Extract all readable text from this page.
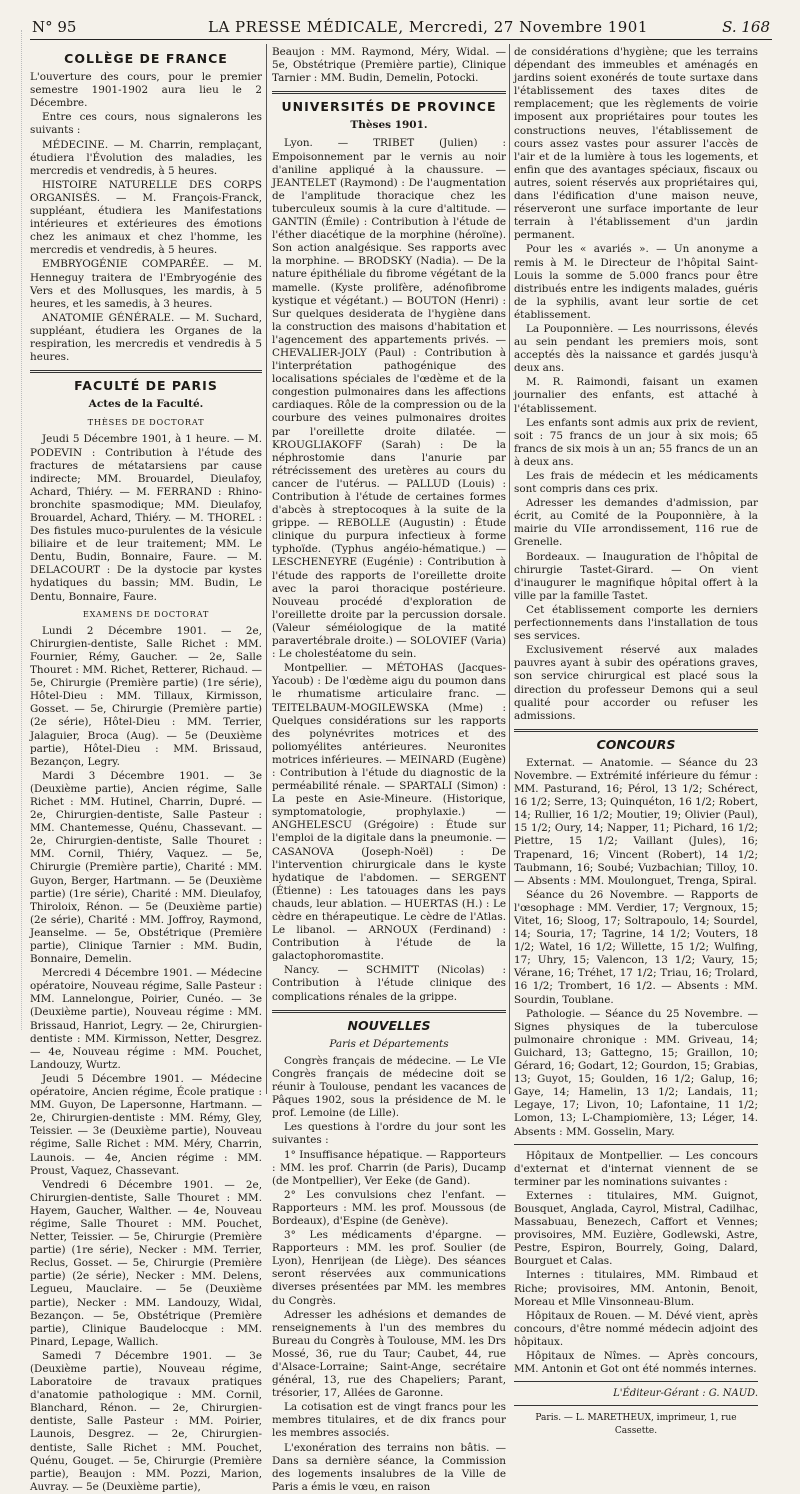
N° 95	LA PRESSE MÉDICALE, Mercredi, 27 Novembre 1901	S. 168
COLLÈGE DE FRANCE

L'ouverture des cours, pour le premier semestre 1901-1902 aura lieu le 2 Décembre.

Entre ces cours, nous signalerons les suivants :

MÉDECINE. — M. Charrin, remplaçant, étudiera l'Évolution des maladies, les mercredis et vendredis, à 5 heures.

HISTOIRE NATURELLE DES CORPS ORGANISÉS. — M. François-Franck, suppléant, étudiera les Manifestations intérieures et extérieures des émotions chez les animaux et chez l'homme, les mercredis et vendredis, à 5 heures.

EMBRYOGÉNIE COMPARÉE. — M. Henneguy traitera de l'Embryogénie des Vers et des Mollusques, les mardis, à 5 heures, et les samedis, à 3 heures.

ANATOMIE GÉNÉRALE. — M. Suchard, suppléant, étudiera les Organes de la respiration, les mercredis et vendredis à 5 heures.

FACULTÉ DE PARIS
Actes de la Faculté.
THÈSES DE DOCTORAT

Jeudi 5 Décembre 1901, à 1 heure. — M. PODEVIN : Contribution à l'étude des fractures de métatarsiens par cause indirecte; MM. Brouardel, Dieulafoy, Achard, Thiéry. — M. FERRAND : Rhino-bronchite spasmodique; MM. Dieulafoy, Brouardel, Achard, Thiéry. — M. THOREL : Des fistules muco-purulentes de la vésicule biliaire et de leur traitement; MM. Le Dentu, Budin, Bonnaire, Faure. — M. DELACOURT : De la dystocie par kystes hydatiques du bassin; MM. Budin, Le Dentu, Bonnaire, Faure.

EXAMENS DE DOCTORAT

Lundi 2 Décembre 1901. — 2e, Chirurgien-dentiste, Salle Richet : MM. Fournier, Rémy, Gaucher. — 2e, Salle Thouret : MM. Richet, Retterer, Richaud. — 5e, Chirurgie (Première partie) (1re série), Hôtel-Dieu : MM. Tillaux, Kirmisson, Gosset. — 5e, Chirurgie (Première partie) (2e série), Hôtel-Dieu : MM. Terrier, Jalaguier, Broca (Aug). — 5e (Deuxième partie), Hôtel-Dieu : MM. Brissaud, Bezançon, Legry.

Mardi 3 Décembre 1901. — 3e (Deuxième partie), Ancien régime, Salle Richet : MM. Hutinel, Charrin, Dupré. — 2e, Chirurgien-dentiste, Salle Pasteur : MM. Chantemesse, Quénu, Chassevant. — 2e, Chirurgien-dentiste, Salle Thouret : MM. Cornil, Thiéry, Vaquez. — 5e, Chirurgie (Première partie), Charité : MM. Guyon, Berger, Hartmann. — 5e (Deuxième partie) (1re série), Charité : MM. Dieulafoy, Thiroloix, Rénon. — 5e (Deuxième partie) (2e série), Charité : MM. Joffroy, Raymond, Jeanselme. — 5e, Obstétrique (Première partie), Clinique Tarnier : MM. Budin, Bonnaire, Demelin.

Mercredi 4 Décembre 1901. — Médecine opératoire, Nouveau régime, Salle Pasteur : MM. Lannelongue, Poirier, Cunéo. — 3e (Deuxième partie), Nouveau régime : MM. Brissaud, Hanriot, Legry. — 2e, Chirurgien-dentiste : MM. Kirmisson, Netter, Desgrez. — 4e, Nouveau régime : MM. Pouchet, Landouzy, Wurtz.

Jeudi 5 Décembre 1901. — Médecine opératoire, Ancien régime, École pratique : MM. Guyon, De Lapersonne, Hartmann. — 2e, Chirurgien-dentiste : MM. Rémy, Gley, Teissier. — 3e (Deuxième partie), Nouveau régime, Salle Richet : MM. Méry, Charrin, Launois. — 4e, Ancien régime : MM. Proust, Vaquez, Chassevant.

Vendredi 6 Décembre 1901. — 2e, Chirurgien-dentiste, Salle Thouret : MM. Hayem, Gaucher, Walther. — 4e, Nouveau régime, Salle Thouret : MM. Pouchet, Netter, Teissier. — 5e, Chirurgie (Première partie) (1re série), Necker : MM. Terrier, Reclus, Gosset. — 5e, Chirurgie (Première partie) (2e série), Necker : MM. Delens, Legueu, Mauclaire. — 5e (Deuxième partie), Necker : MM. Landouzy, Widal, Bezançon. — 5e, Obstétrique (Première partie), Clinique Baudelocque : MM. Pinard, Lepage, Wallich.

Samedi 7 Décembre 1901. — 3e (Deuxième partie), Nouveau régime, Laboratoire de travaux pratiques d'anatomie pathologique : MM. Cornil, Blanchard, Rénon. — 2e, Chirurgien-dentiste, Salle Pasteur : MM. Poirier, Launois, Desgrez. — 2e, Chirurgien-dentiste, Salle Richet : MM. Pouchet, Quénu, Gouget. — 5e, Chirurgie (Première partie), Beaujon : MM. Pozzi, Marion, Auvray. — 5e (Deuxième partie),

Beaujon : MM. Raymond, Méry, Widal. — 5e, Obstétrique (Première partie), Clinique Tarnier : MM. Budin, Demelin, Potocki.

UNIVERSITÉS DE PROVINCE
Thèses 1901.

Lyon. — TRIBET (Julien) : Empoisonnement par le vernis au noir d'aniline appliqué à la chaussure. — JEANTELET (Raymond) : De l'augmentation de l'amplitude thoracique chez les tuberculeux soumis à la cure d'altitude. — GANTIN (Émile) : Contribution à l'étude de l'éther diacétique de la morphine (héroïne). Son action analgésique. Ses rapports avec la morphine. — BRODSKY (Nadia). — De la nature épithéliale du fibrome végétant de la mamelle. (Kyste prolifère, adénofibrome kystique et végétant.) — BOUTON (Henri) : Sur quelques desiderata de l'hygiène dans la construction des maisons d'habitation et l'agencement des appartements privés. — CHEVALIER-JOLY (Paul) : Contribution à l'interprétation pathogénique des localisations spéciales de l'œdème et de la congestion pulmonaires dans les affections cardiaques. Rôle de la compression ou de la courbure des veines pulmonaires droites par l'oreillette droite dilatée. — KROUGLIAKOFF (Sarah) : De la néphrostomie dans l'anurie par rétrécissement des uretères au cours du cancer de l'utérus. — PALLUD (Louis) : Contribution à l'étude de certaines formes d'abcès à streptocoques à la suite de la grippe. — REBOLLE (Augustin) : Étude clinique du purpura infectieux à forme typhoïde. (Typhus angéio-hématique.) — LESCHENEYRE (Eugénie) : Contribution à l'étude des rapports de l'oreillette droite avec la paroi thoracique postérieure. Nouveau procédé d'exploration de l'oreillette droite par la percussion dorsale. (Valeur séméiologique de la matité paravertébrale droite.) — SOLOVIEF (Varia) : Le cholestéatome du sein.

Montpellier. — MÉTOHAS (Jacques-Yacoub) : De l'œdème aigu du poumon dans le rhumatisme articulaire franc. — TEITELBAUM-MOGILEWSKA (Mme) : Quelques considérations sur les rapports des polynévrites motrices et des poliomyélites antérieures. Neuronites motrices inférieures. — MEINARD (Eugène) : Contribution à l'étude du diagnostic de la perméabilité rénale. — SPARTALI (Simon) : La peste en Asie-Mineure. (Historique, symptomatologie, prophylaxie.) — ANGHELESCU (Grégoire) : Étude sur l'emploi de la digitale dans la pneumonie. — CASANOVA (Joseph-Noël) : De l'intervention chirurgicale dans le kyste hydatique de l'abdomen. — SERGENT (Étienne) : Les tatouages dans les pays chauds, leur ablation. — HUERTAS (H.) : Le cèdre en thérapeutique. Le cèdre de l'Atlas. Le libanol. — ARNOUX (Ferdinand) : Contribution à l'étude de la galactophoromastite.

Nancy. — SCHMITT (Nicolas) : Contribution à l'étude clinique des complications rénales de la grippe.

NOUVELLES
Paris et Départements

Congrès français de médecine. — Le VIe Congrès français de médecine doit se réunir à Toulouse, pendant les vacances de Pâques 1902, sous la présidence de M. le prof. Lemoine (de Lille).

Les questions à l'ordre du jour sont les suivantes :

1° Insuffisance hépatique. — Rapporteurs : MM. les prof. Charrin (de Paris), Ducamp (de Montpellier), Ver Eeke (de Gand).

2° Les convulsions chez l'enfant. — Rapporteurs : MM. les prof. Moussous (de Bordeaux), d'Espine (de Genève).

3° Les médicaments d'épargne. — Rapporteurs : MM. les prof. Soulier (de Lyon), Henrijean (de Liège). Des séances seront réservées aux communications diverses présentées par MM. les membres du Congrès.

Adresser les adhésions et demandes de renseignements à l'un des membres du Bureau du Congrès à Toulouse, MM. les Drs Mossé, 36, rue du Taur; Caubet, 44, rue d'Alsace-Lorraine; Saint-Ange, secrétaire général, 13, rue des Chapeliers; Parant, trésorier, 17, Allées de Garonne.

La cotisation est de vingt francs pour les membres titulaires, et de dix francs pour les membres associés.

L'exonération des terrains non bâtis. — Dans sa dernière séance, la Commission des logements insalubres de la Ville de Paris a émis le vœu, en raison

de considérations d'hygiène; que les terrains dépendant des immeubles et aménagés en jardins soient exonérés de toute surtaxe dans l'établissement des taxes dites de remplacement; que les règlements de voirie imposent aux propriétaires pour toutes les constructions neuves, l'établissement de cours assez vastes pour assurer l'accès de l'air et de la lumière à tous les logements, et enfin que des avantages spéciaux, fiscaux ou autres, soient réservés aux propriétaires qui, dans l'édification d'une maison neuve, réserveront une surface importante de leur terrain à l'établissement d'un jardin permanent.

Pour les « avariés ». — Un anonyme a remis à M. le Directeur de l'hôpital Saint-Louis la somme de 5.000 francs pour être distribués entre les indigents malades, guéris de la syphilis, avant leur sortie de cet établissement.

La Pouponnière. — Les nourrissons, élevés au sein pendant les premiers mois, sont acceptés dès la naissance et gardés jusqu'à deux ans.

M. R. Raimondi, faisant un examen journalier des enfants, est attaché à l'établissement.

Les enfants sont admis aux prix de revient, soit : 75 francs de un jour à six mois; 65 francs de six mois à un an; 55 francs de un an à deux ans.

Les frais de médecin et les médicaments sont compris dans ces prix.

Adresser les demandes d'admission, par écrit, au Comité de la Pouponnière, à la mairie du VIIe arrondissement, 116 rue de Grenelle.

Bordeaux. — Inauguration de l'hôpital de chirurgie Tastet-Girard. — On vient d'inaugurer le magnifique hôpital offert à la ville par la famille Tastet.

Cet établissement comporte les derniers perfectionnements dans l'installation de tous ses services.

Exclusivement réservé aux malades pauvres ayant à subir des opérations graves, son service chirurgical est placé sous la direction du professeur Demons qui a seul qualité pour accorder ou refuser les admissions.

CONCOURS

Externat. — Anatomie. — Séance du 23 Novembre. — Extrémité inférieure du fémur : MM. Pasturand, 16; Pérol, 13 1/2; Schérect, 16 1/2; Serre, 13; Quinquéton, 16 1/2; Robert, 14; Rullier, 16 1/2; Moutier, 19; Olivier (Paul), 15 1/2; Oury, 14; Napper, 11; Pichard, 16 1/2; Piettre, 15 1/2; Vaillant (Jules), 16; Trapenard, 16; Vincent (Robert), 14 1/2; Taubmann, 16; Soubé; Vuzbachian; Tilloy, 10. — Absents : MM. Moulonguet, Trenga, Spiral.

Séance du 26 Novembre. — Rapports de l'œsophage : MM. Verdier, 17; Vergnoux, 15; Vitet, 16; Sloog, 17; Soltrapoulo, 14; Sourdel, 14; Souria, 17; Tagrine, 14 1/2; Vouters, 18 1/2; Watel, 16 1/2; Willette, 15 1/2; Wulfing, 17; Uhry, 15; Valencon, 13 1/2; Vaury, 15; Vérane, 16; Tréhet, 17 1/2; Triau, 16; Trolard, 16 1/2; Trombert, 16 1/2. — Absents : MM. Sourdin, Toublane.

Pathologie. — Séance du 25 Novembre. — Signes physiques de la tuberculose pulmonaire chronique : MM. Griveau, 14; Guichard, 13; Gattegno, 15; Graillon, 10; Gérard, 16; Godart, 12; Gourdon, 15; Grabias, 13; Guyot, 15; Goulden, 16 1/2; Galup, 16; Gaye, 14; Hamelin, 13 1/2; Landais, 11; Legaye, 17; Livon, 10; Lafontaine, 11 1/2; Lomon, 13; L-Champiomière, 13; Léger, 14. Absents : MM. Gosselin, Mary.

Hôpitaux de Montpellier. — Les concours d'externat et d'internat viennent de se terminer par les nominations suivantes :

Externes : titulaires, MM. Guignot, Bousquet, Anglada, Cayrol, Mistral, Cadilhac, Massabuau, Benezech, Caffort et Vennes; provisoires, MM. Euzière, Godlewski, Astre, Pestre, Espiron, Bourrely, Going, Dalard, Bourguet et Calas.

Internes : titulaires, MM. Rimbaud et Riche; provisoires, MM. Antonin, Benoit, Moreau et Mlle Vinsonneau-Blum.

Hôpitaux de Rouen. — M. Dévé vient, après concours, d'être nommé médecin adjoint des hôpitaux.

Hôpitaux de Nîmes. — Après concours, MM. Antonin et Got ont été nommés internes.

L'Éditeur-Gérant : G. NAUD.
Paris. — L. MARETHEUX, imprimeur, 1, rue Cassette.
